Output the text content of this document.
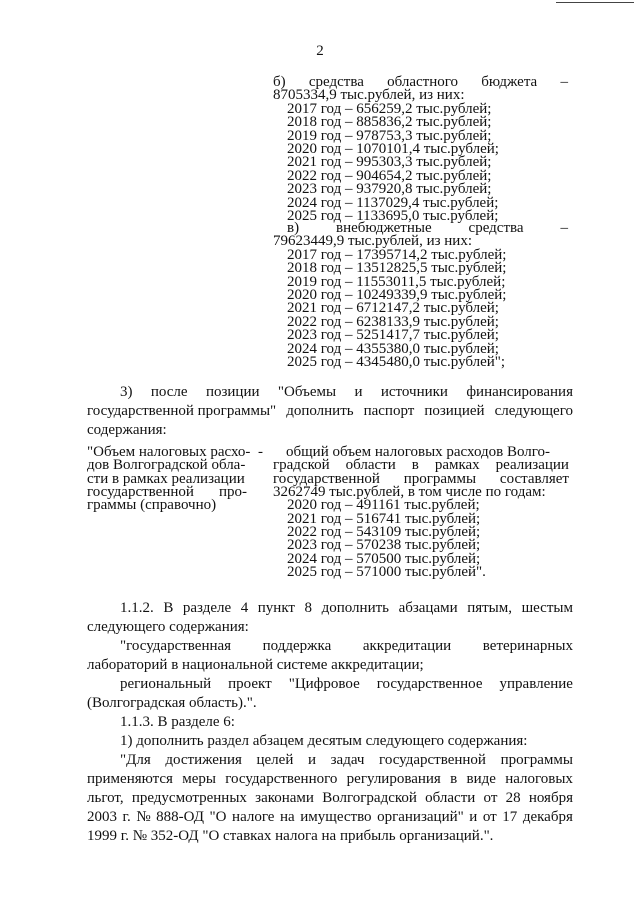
2
б) средства областного бюджета –
8705334,9 тыс.рублей, из них:
2017 год – 656259,2 тыс.рублей;
2018 год – 885836,2 тыс.рублей;
2019 год – 978753,3 тыс.рублей;
2020 год – 1070101,4 тыс.рублей;
2021 год – 995303,3 тыс.рублей;
2022 год – 904654,2 тыс.рублей;
2023 год – 937920,8 тыс.рублей;
2024 год – 1137029,4 тыс.рублей;
2025 год – 1133695,0 тыс.рублей;
в) внебюджетные средства –
79623449,9 тыс.рублей, из них:
2017 год – 17395714,2 тыс.рублей;
2018 год – 13512825,5 тыс.рублей;
2019 год – 11553011,5 тыс.рублей;
2020 год – 10249339,9 тыс.рублей;
2021 год – 6712147,2 тыс.рублей;
2022 год – 6238133,9 тыс.рублей;
2023 год – 5251417,7 тыс.рублей;
2024 год – 4355380,0 тыс.рублей;
2025 год – 4345480,0 тыс.рублей";
3) после позиции "Объемы и источники финансирования
государственной программы" дополнить паспорт позицией следующего
содержания:
"Объем налоговых расхо- -
дов Волгоградской обла-
сти в рамках реализации
государственной про-
граммы (справочно)
общий объем налоговых расходов Волго-
градской области в рамках реализации
государственной программы составляет
3262749 тыс.рублей, в том числе по годам:
2020 год – 491161 тыс.рублей;
2021 год – 516741 тыс.рублей;
2022 год – 543109 тыс.рублей;
2023 год – 570238 тыс.рублей;
2024 год – 570500 тыс.рублей;
2025 год – 571000 тыс.рублей".
1.1.2. В разделе 4 пункт 8 дополнить абзацами пятым, шестым
следующего содержания:
"государственная поддержка аккредитации ветеринарных
лабораторий в национальной системе аккредитации;
региональный проект "Цифровое государственное управление
(Волгоградская область).".
1.1.3. В разделе 6:
1) дополнить раздел абзацем десятым следующего содержания:
"Для достижения целей и задач государственной программы
применяются меры государственного регулирования в виде налоговых
льгот, предусмотренных законами Волгоградской области от 28 ноября
2003 г. № 888-ОД "О налоге на имущество организаций" и от 17 декабря
1999 г. № 352-ОД "О ставках налога на прибыль организаций.".
